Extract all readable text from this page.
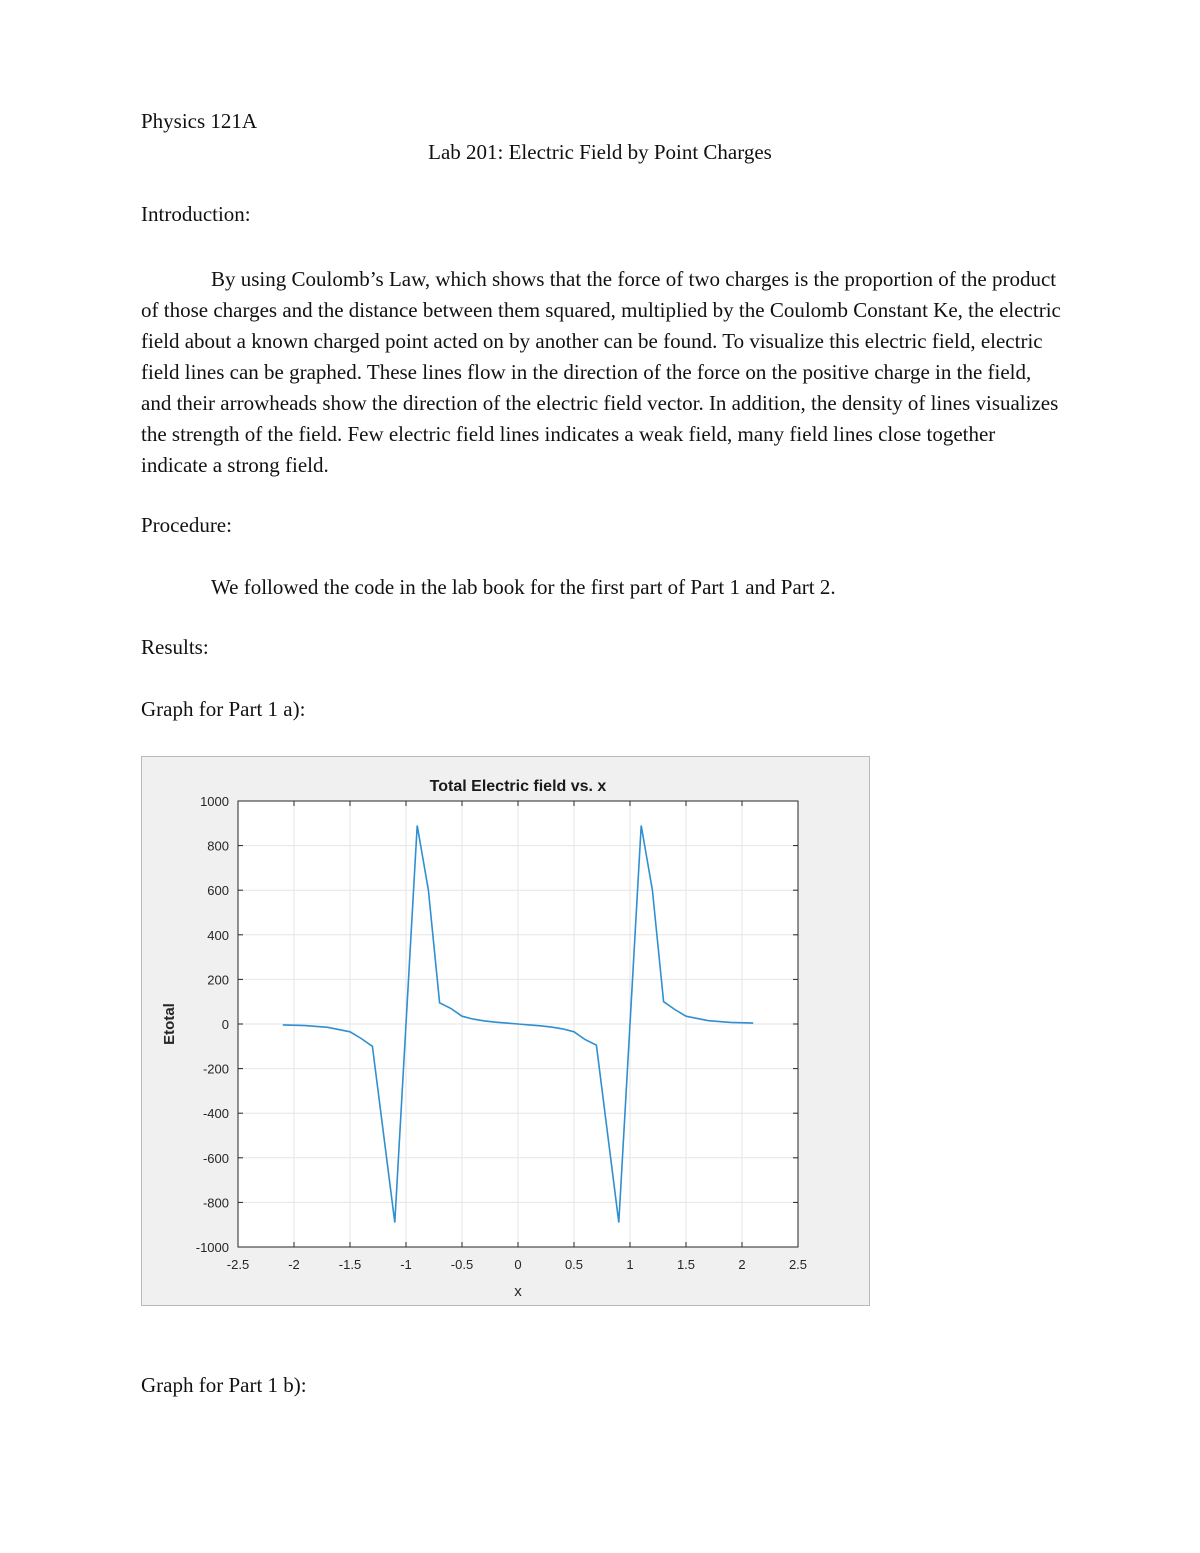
Physics 121A
Lab 201: Electric Field by Point Charges
Introduction:
By using Coulomb’s Law, which shows that the force of two charges is the proportion of the product of those charges and the distance between them squared, multiplied by the Coulomb Constant Ke, the electric field about a known charged point acted on by another can be found. To visualize this electric field, electric field lines can be graphed. These lines flow in the direction of the force on the positive charge in the field, and their arrowheads show the direction of the electric field vector. In addition, the density of lines visualizes the strength of the field. Few electric field lines indicates a weak field, many field lines close together indicate a strong field.
Procedure:
We followed the code in the lab book for the first part of Part 1 and Part 2.
Results:
Graph for Part 1 a):
-2.5	-2	-1.5	-1	-0.5	0	0.5	1	1.5	2	2.5
1000
800
600
400
200
0
-200
-400
-600
-800
-1000
Total Electric field vs. x
x
Etotal
Graph for Part 1 b):
